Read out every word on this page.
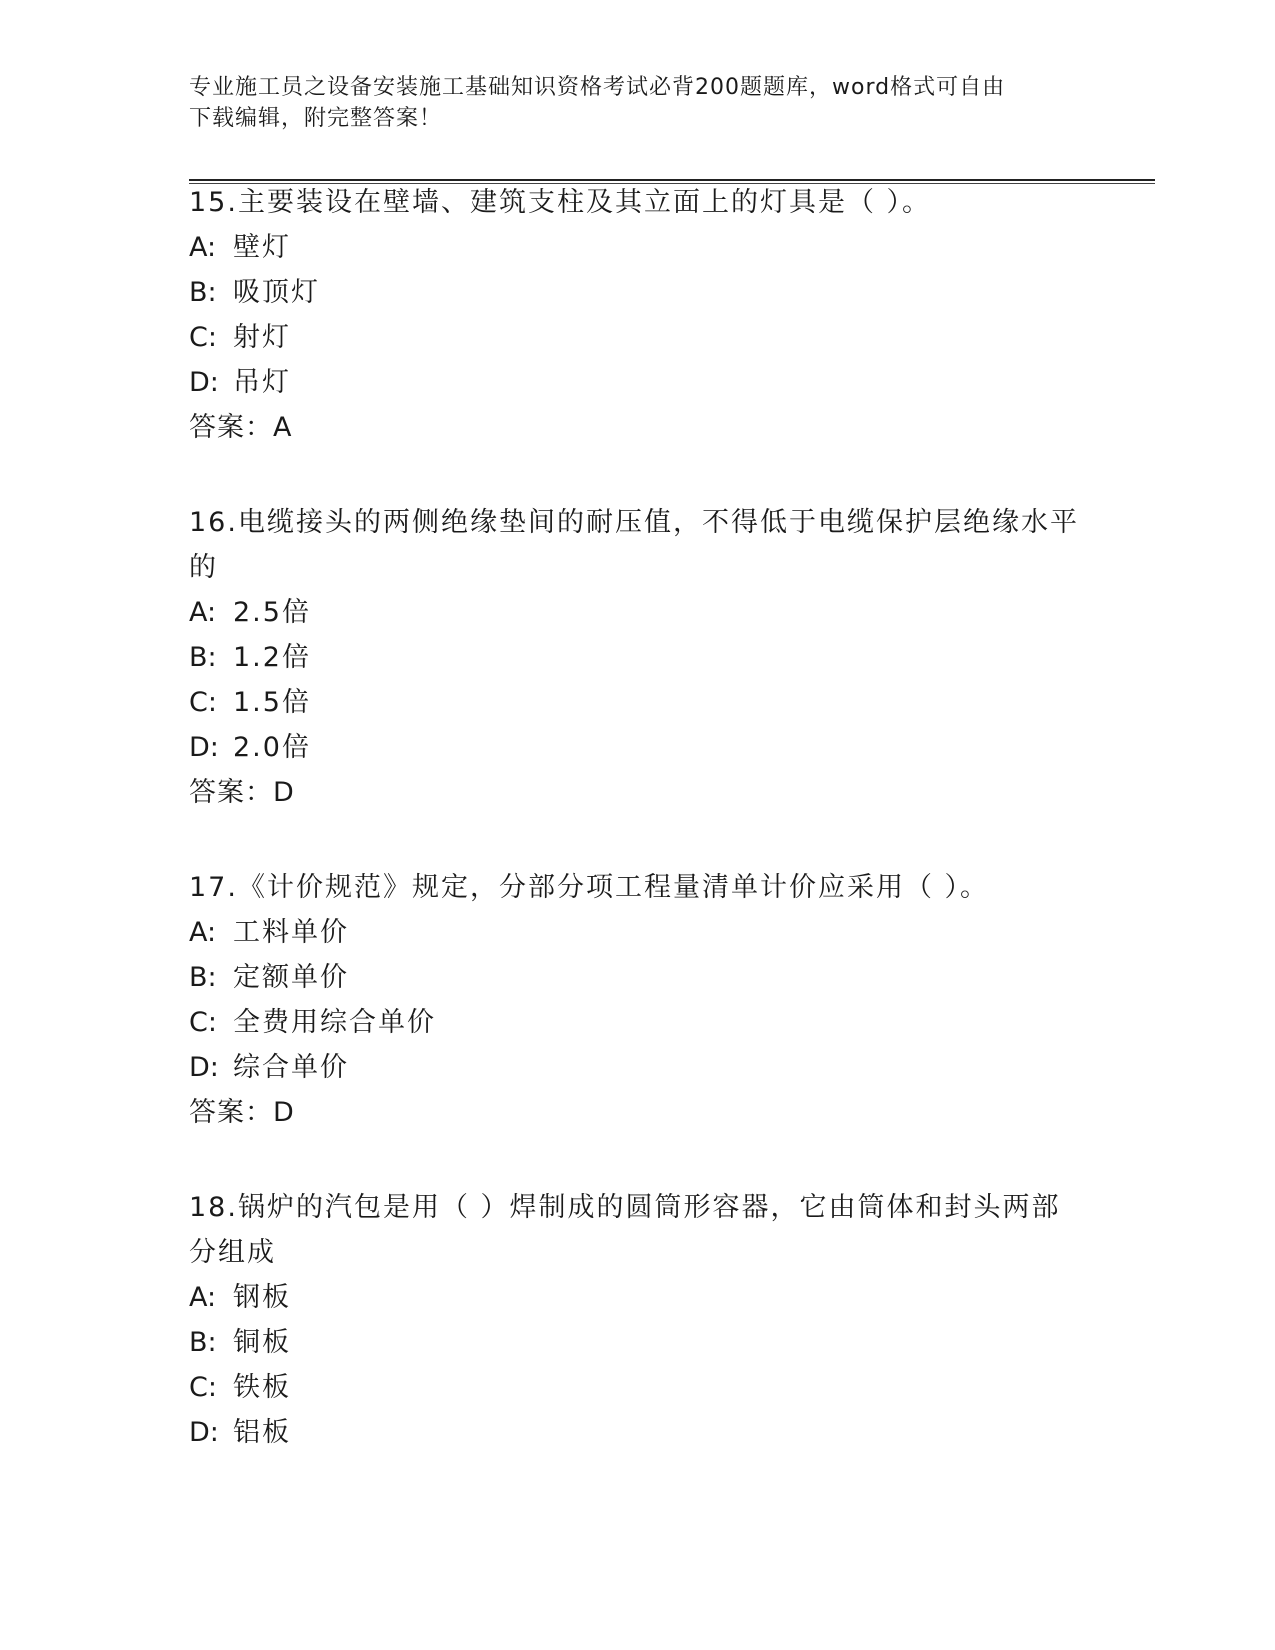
专业施工员之设备安装施工基础知识资格考试必背200题题库，word格式可自由
下载编辑，附完整答案！

15.主要装设在壁墙、建筑支柱及其立面上的灯具是（ ）。

A: 壁灯

B: 吸顶灯

C: 射灯

D: 吊灯

答案：A

16.电缆接头的两侧绝缘垫间的耐压值，不得低于电缆保护层绝缘水平

的

A: 2.5倍

B: 1.2倍

C: 1.5倍

D: 2.0倍

答案：D

17.《计价规范》规定，分部分项工程量清单计价应采用（ ）。

A: 工料单价

B: 定额单价

C: 全费用综合单价

D: 综合单价

答案：D

18.锅炉的汽包是用（ ）焊制成的圆筒形容器，它由筒体和封头两部

分组成

A: 钢板

B: 铜板

C: 铁板

D: 铝板
